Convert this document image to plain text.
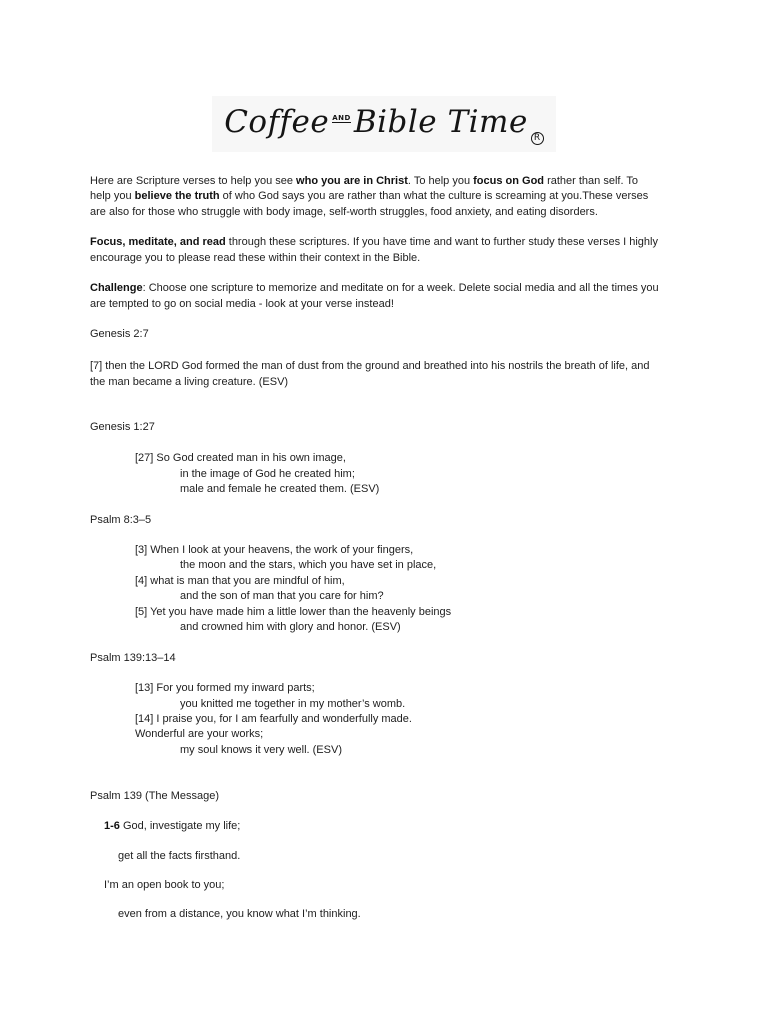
Coffee ANDBible Time R
Here are Scripture verses to help you see who you are in Christ. To help you focus on God rather than self. To
help you believe the truth of who God says you are rather than what the culture is screaming at you.These verses
are also for those who struggle with body image, self-worth struggles, food anxiety, and eating disorders.
Focus, meditate, and read through these scriptures. If you have time and want to further study these verses I highly
encourage you to please read these within their context in the Bible.
Challenge: Choose one scripture to memorize and meditate on for a week. Delete social media and all the times you
are tempted to go on social media - look at your verse instead!
Genesis 2:7
[7] then the LORD God formed the man of dust from the ground and breathed into his nostrils the breath of life, and
the man became a living creature. (ESV)
Genesis 1:27
[27] So God created man in his own image,
in the image of God he created him;
male and female he created them. (ESV)
Psalm 8:3–5
[3] When I look at your heavens, the work of your fingers,
the moon and the stars, which you have set in place,
[4] what is man that you are mindful of him,
and the son of man that you care for him?
[5] Yet you have made him a little lower than the heavenly beings
and crowned him with glory and honor. (ESV)
Psalm 139:13–14
[13] For you formed my inward parts;
you knitted me together in my mother’s womb.
[14] I praise you, for I am fearfully and wonderfully made.
Wonderful are your works;
my soul knows it very well. (ESV)
Psalm 139 (The Message)
1-6 God, investigate my life;
get all the facts firsthand.
I’m an open book to you;
even from a distance, you know what I’m thinking.
